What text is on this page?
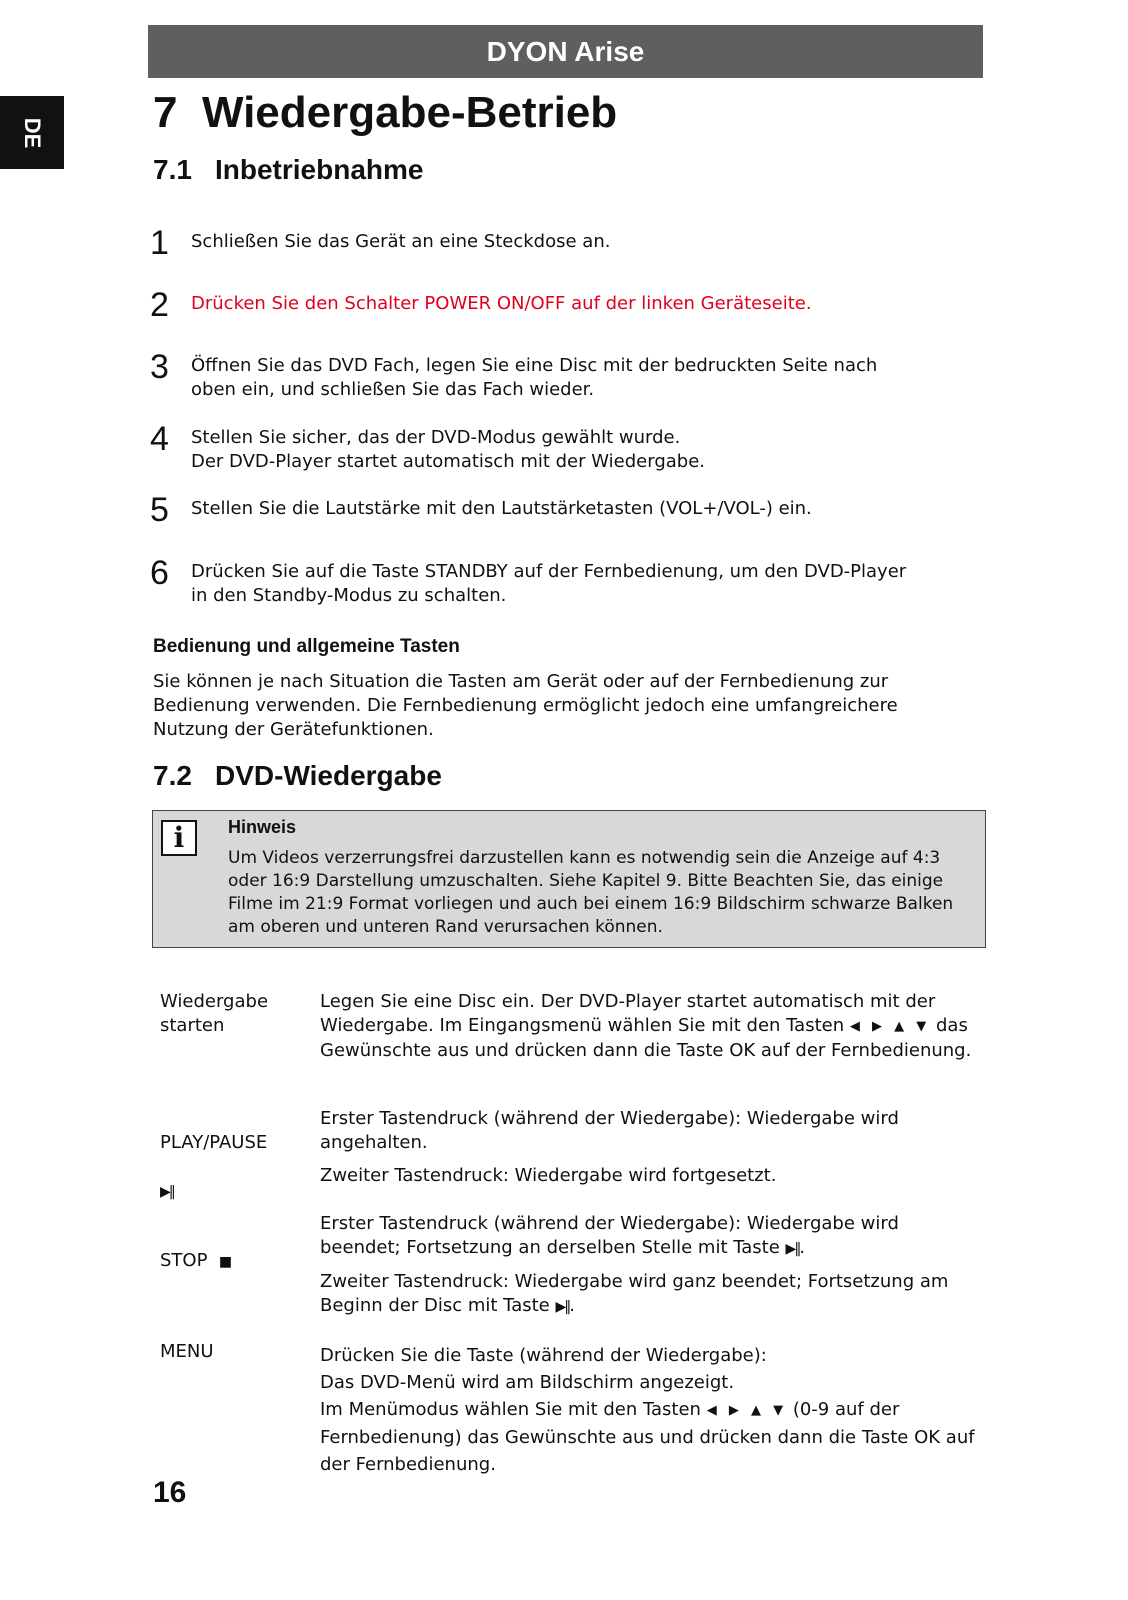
DYON Arise
DE 7 Wiedergabe-Betrieb
7.1 Inbetriebnahme
1 Schließen Sie das Gerät an eine Steckdose an.
2 Drücken Sie den Schalter POWER ON/OFF auf der linken Geräteseite.
3 Öffnen Sie das DVD Fach, legen Sie eine Disc mit der bedruckten Seite nach
oben ein, und schließen Sie das Fach wieder.
4 Stellen Sie sicher, das der DVD-Modus gewählt wurde.
Der DVD-Player startet automatisch mit der Wiedergabe.
5 Stellen Sie die Lautstärke mit den Lautstärketasten (VOL+/VOL-) ein.
6 Drücken Sie auf die Taste STANDBY auf der Fernbedienung, um den DVD-Player
in den Standby-Modus zu schalten.
Bedienung und allgemeine Tasten
Sie können je nach Situation die Tasten am Gerät oder auf der Fernbedienung zur Bedienung verwenden. Die Fernbedienung ermöglicht jedoch eine umfangreichere Nutzung der Gerätefunktionen.
7.2 DVD-Wiedergabe
i	Hinweis
Um Videos verzerrungsfrei darzustellen kann es notwendig sein die Anzeige auf 4:3 oder 16:9 Darstellung umzuschalten. Siehe Kapitel 9. Bitte Beachten Sie, das einige Filme im 21:9 Format vorliegen und auch bei einem 16:9 Bildschirm schwarze Balken am oberen und unteren Rand verursachen können.
Wiedergabe
starten
Legen Sie eine Disc ein. Der DVD-Player startet automatisch mit der Wiedergabe. Im Eingangsmenü wählen Sie mit den Tasten ◀ ▶ ▲ ▼ das Gewünschte aus und drücken dann die Taste OK auf der Fernbedienung.

PLAY/PAUSE

▶‖

Erster Tastendruck (während der Wiedergabe): Wiedergabe wird angehalten.

Zweiter Tastendruck: Wiedergabe wird fortgesetzt.

STOP ■

Erster Tastendruck (während der Wiedergabe): Wiedergabe wird beendet; Fortsetzung an derselben Stelle mit Taste ▶‖.

Zweiter Tastendruck: Wiedergabe wird ganz beendet; Fortsetzung am Beginn der Disc mit Taste ▶‖.

MENU	Drücken Sie die Taste (während der Wiedergabe):
Das DVD-Menü wird am Bildschirm angezeigt.
Im Menümodus wählen Sie mit den Tasten ◀ ▶ ▲ ▼ (0-9 auf der Fernbedienung) das Gewünschte aus und drücken dann die Taste OK auf der Fernbedienung.
16
